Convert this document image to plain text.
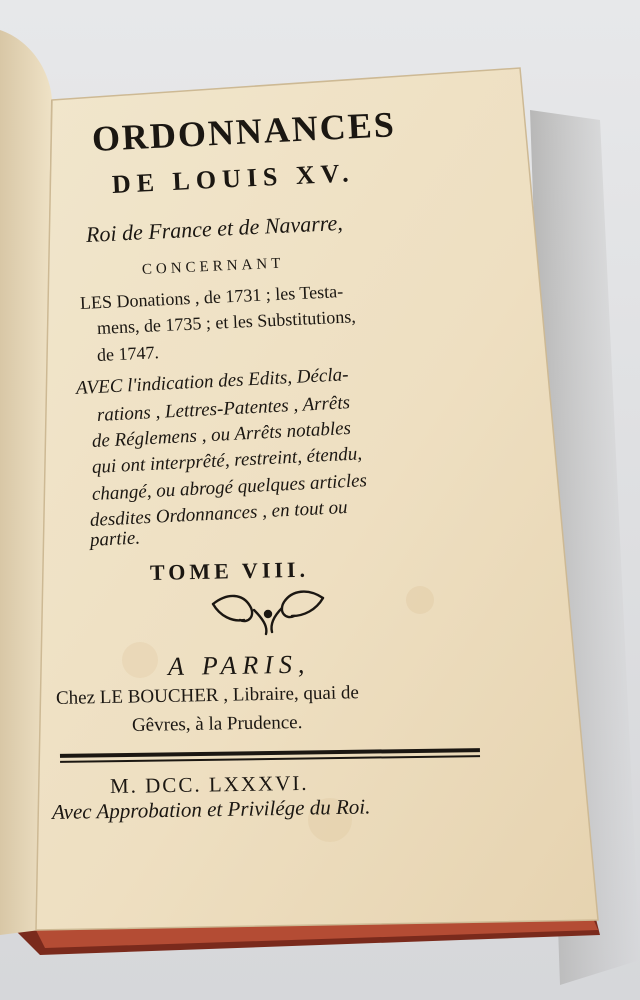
ORDONNANCES
DE LOUIS XV.
Roi de France et de Navarre,
CONCERNANT
LES Donations , de 1731 ; les Testa-
mens, de 1735 ; et les Substitutions,
de 1747.
AVEC l'indication des Edits, Décla-
rations , Lettres-Patentes , Arrêts
de Réglemens , ou Arrêts notables
qui ont interprêté, restreint, étendu,
changé, ou abrogé quelques articles
desdites Ordonnances , en tout ou
partie.
TOME VIII.
A PARIS,
Chez LE BOUCHER , Libraire, quai de
Gêvres, à la Prudence.
M. DCC. LXXXVI.
Avec Approbation et Privilége du Roi.
